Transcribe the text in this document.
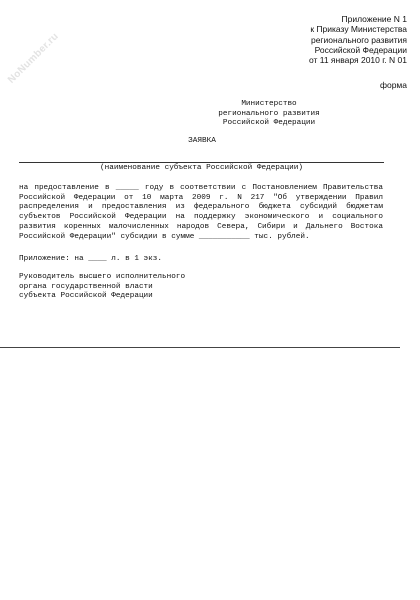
NoNumber.ru
Приложение N 1
к Приказу Министерства
регионального развития
Российской Федерации
от 11 января 2010 г. N 01
форма
Министерство
регионального развития
Российской Федерации
ЗАЯВКА
(наименование субъекта Российской Федерации)
на предоставление в _____ году в соответствии с Постановлением Правительства Российской Федерации от 10 марта 2009 г. N 217 "Об утверждении Правил распределения и предоставления из федерального бюджета субсидий бюджетам субъектов Российской Федерации на поддержку экономического и социального развития коренных малочисленных народов Севера, Сибири и Дальнего Востока Российской Федерации" субсидии в сумме ___________ тыс. рублей.
Приложение: на ____ л. в 1 экз.
Руководитель высшего исполнительного
органа государственной власти
субъекта Российской Федерации
